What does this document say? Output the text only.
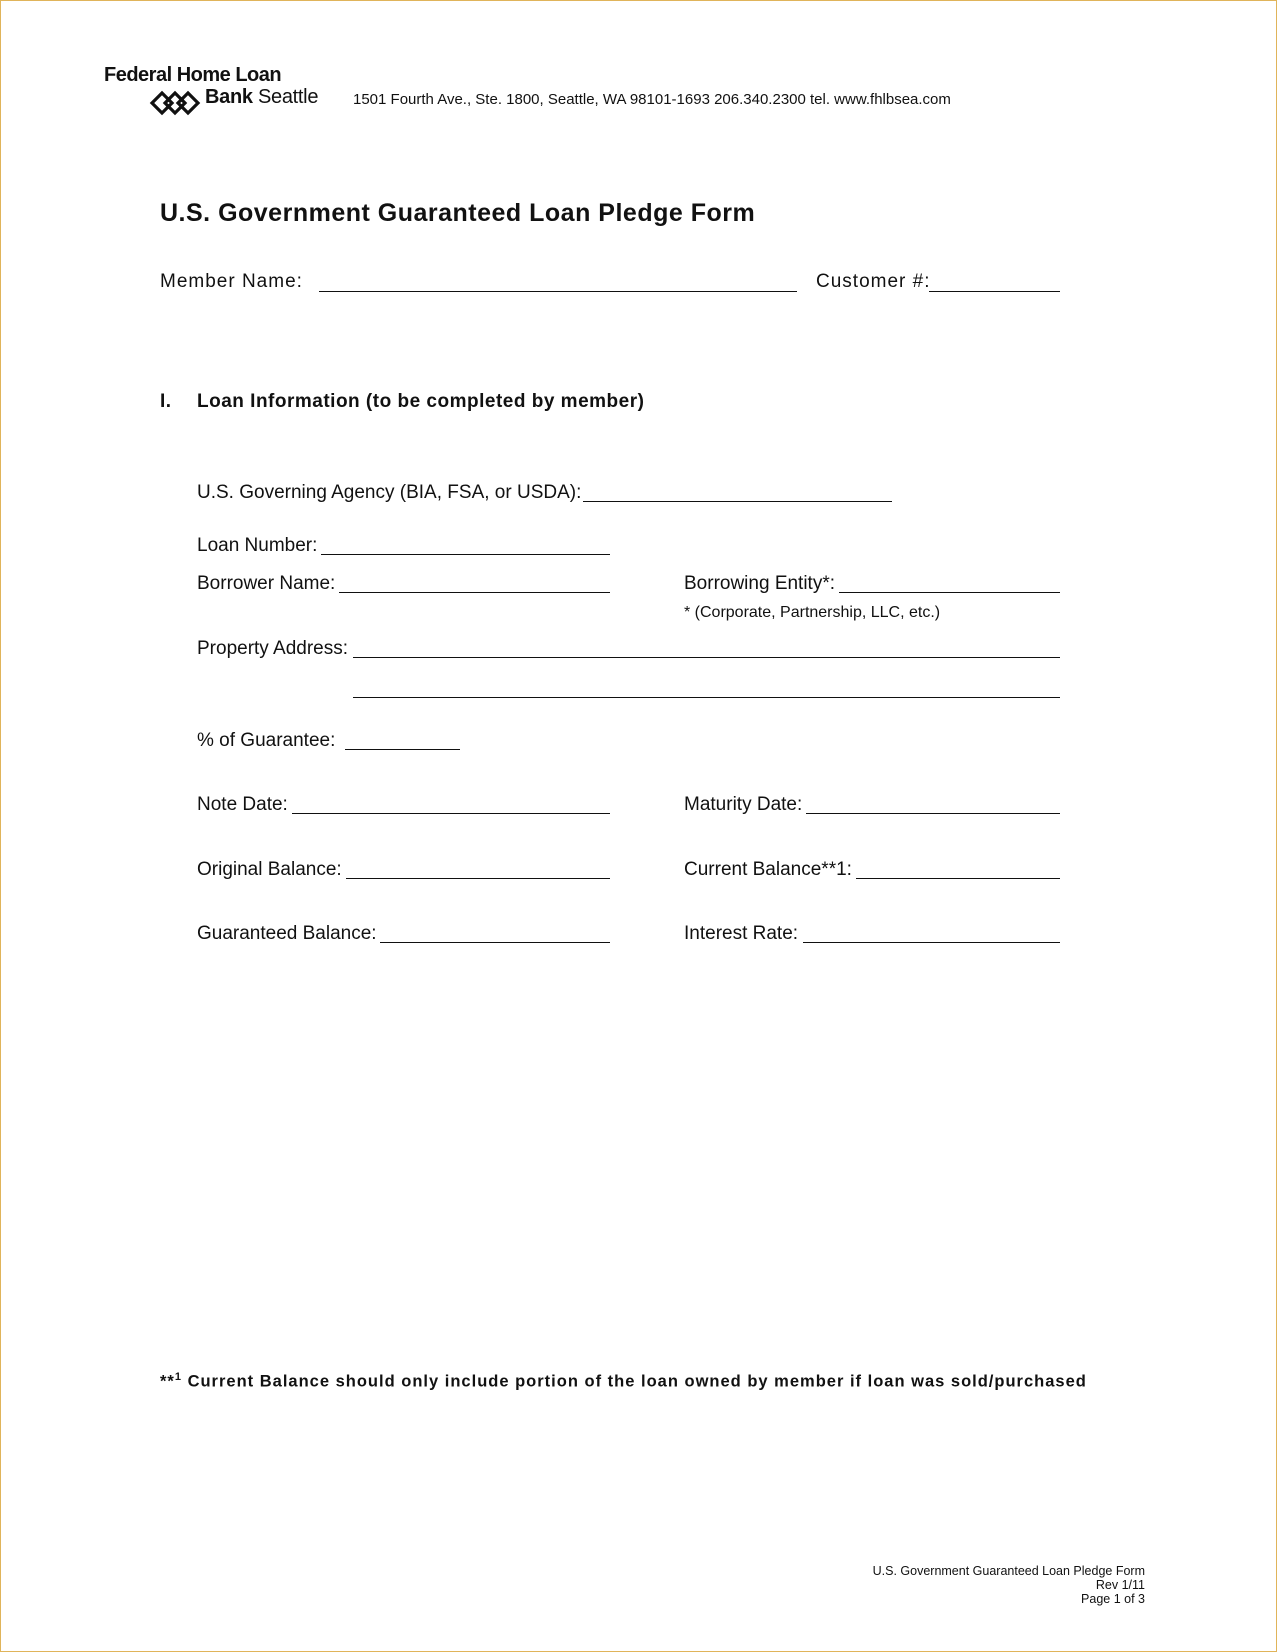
Federal Home Loan
Bank Seattle 1501 Fourth Ave., Ste. 1800, Seattle, WA 98101-1693 206.340.2300 tel. www.fhlbsea.com
U.S. Government Guaranteed Loan Pledge Form
Member Name:	Customer #:
I. Loan Information (to be completed by member)
U.S. Governing Agency (BIA, FSA, or USDA):
Loan Number:
Borrower Name:	Borrowing Entity*:
* (Corporate, Partnership, LLC, etc.)
Property Address:
% of Guarantee:
Note Date:	Maturity Date:
Original Balance:	Current Balance**1:
Guaranteed Balance:	Interest Rate:
**$^1$ Current Balance should only include portion of the loan owned by member if loan was sold/purchased
U.S. Government Guaranteed Loan Pledge Form
Rev 1/11
Page 1 of 3
